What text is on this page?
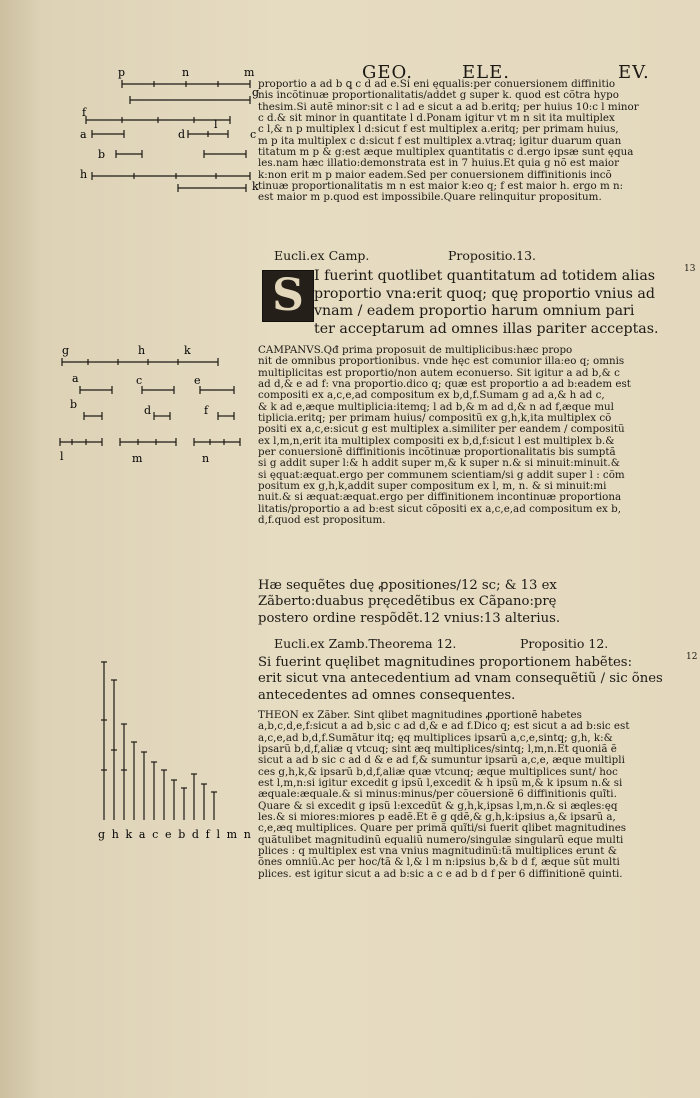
GEO.	ELE.	EV.
13
12
p	n	m
g
f
l
a	d	c
b
h
k
g	h	k
a	c	e
b	d	f
l	m	n
g h k a c e b d f l m n
proportio a ad b ꝗ c d ad e.Si eni ęqualis:per conuersionem diffinitio
nis incõtinuæ proportionalitatis/addet g super k. quod est cõtra hypo
thesim.Si autẽ minor:sit c l ad e sicut a ad b.eritq; per huius 10:c l minor
c d.& sit minor in quantitate l d.Ponam igitur vt m n sit ita multiplex
c l,& n p multiplex l d:sicut f est multiplex a.eritq; per primam huius,
m p ita multiplex c d:sicut f est multiplex a.vtraq; igitur duarum quan
titatum m p & g:est æque multiplex quantitatis c d.ergo ipsæ sunt ęqua
les.nam hæc illatio:demonstrata est in 7 huius.Et quia g nõ est maior
k:non erit m p maior eadem.Sed per conuersionem diffinitionis incõ
tinuæ proportionalitatis m n est maior k:eo q; f est maior h. ergo m n:
est maior m p.quod est impossibile.Quare relinquitur propositum.
Eucli.ex Camp.	Propositio.13.
S I fuerint quotlibet quantitatum ad totidem alias
proportio vna:erit quoq; quę proportio vnius ad
vnam / eadem proportio harum omnium pari
ter acceptarum ad omnes illas pariter acceptas.
CAMPANVS.Qđ prima proposuit de multiplicibus:hæc propo
nit de omnibus proportionibus. vnde hęc est comunior illa:eo q; omnis
multiplicitas est proportio/non autem econuerso. Sit igitur a ad b,& c
ad d,& e ad f: vna proportio.dico q; quæ est proportio a ad b:eadem est
compositi ex a,c,e,ad compositum ex b,d,f.Sumam g ad a,& h ad c,
& k ad e,æque multiplicia:itemq; l ad b,& m ad d,& n ad f,æque mul
tiplicia.eritq; per primam huius/ compositũ ex g,h,k,ita multiplex cõ
positi ex a,c,e:sicut g est multiplex a.similiter per eandem / compositũ
ex l,m,n,erit ita multiplex compositi ex b,d,f:sicut l est multiplex b.&
per conuersionẽ diffinitionis incõtinuæ proportionalitatis bis sumptã
si g addit super l:& h addit super m,& k super n.& si minuit:minuit.&
si ęquat:æquat.ergo per communem scientiam/si g addit super l : cõm
positum ex g,h,k,addit super compositum ex l, m, n. & si minuit:mi
nuit.& si æquat:æquat.ergo per diffinitionem incontinuæ proportiona
litatis/proportio a ad b:est sicut cõpositi ex a,c,e,ad compositum ex b,
d,f.quod est propositum.
Hæ sequẽtes duę ꝓpositiones/12 sc; & 13 ex
Zãberto:duabus pręcedẽtibus ex Cãpano:prę
postero ordine respõdẽt.12 vnius:13 alterius.
Eucli.ex Zamb.Theorema 12.	Propositio 12.
Si fuerint quęlibet magnitudines proportionem habẽtes:
erit sicut vna antecedentium ad vnam consequẽtiũ / sic õnes
antecedentes ad omnes consequentes.
THEON ex Zãber. Sint qlibet magnitudines ꝓportionẽ habetes
a,b,c,d,e,f:sicut a ad b,sic c ad d,& e ad f.Dico q; est sicut a ad b:sic est
a,c,e,ad b,d,f.Sumãtur itq; ęq multiplices ipsarũ a,c,e,sintq; g,h, k:&
ipsarũ b,d,f,aliæ q vtcuq; sint æq multiplices/sintq; l,m,n.Et quoniã ẽ
sicut a ad b sic c ad d & e ad f,& sumuntur ipsarũ a,c,e, æque multipli
ces g,h,k,& ipsarũ b,d,f,aliæ quæ vtcunq; æque multiplices sunt/ hoc
est l,m,n:si igitur excedit g ipsũ l,excedit & h ipsũ m,& k ipsum n.& si
æquale:æquale.& si minus:minus/per cõuersionẽ 6 diffinitionis quĩti.
Quare & si excedit g ipsũ l:excedũt & g,h,k,ipsas l,m,n.& si æqles:ęq
les.& si miores:miores p eadẽ.Et ẽ g qdẽ,& g,h,k:ipsius a,& ipsarũ a,
c,e,æq multiplices. Quare per primã quĩti/si fuerit qlibet magnitudines
quãtulibet magnitudinũ equaliũ numero/singulæ singularũ eque multi
plices : q multiplex est vna vnius magnitudinũ:tã multiplices erunt &
õnes omniũ.Ac per hoc/tã & l,& l m n:ipsius b,& b d f, æque sũt multi
plices. est igitur sicut a ad b:sic a c e ad b d f per 6 diffinitionẽ quinti.
